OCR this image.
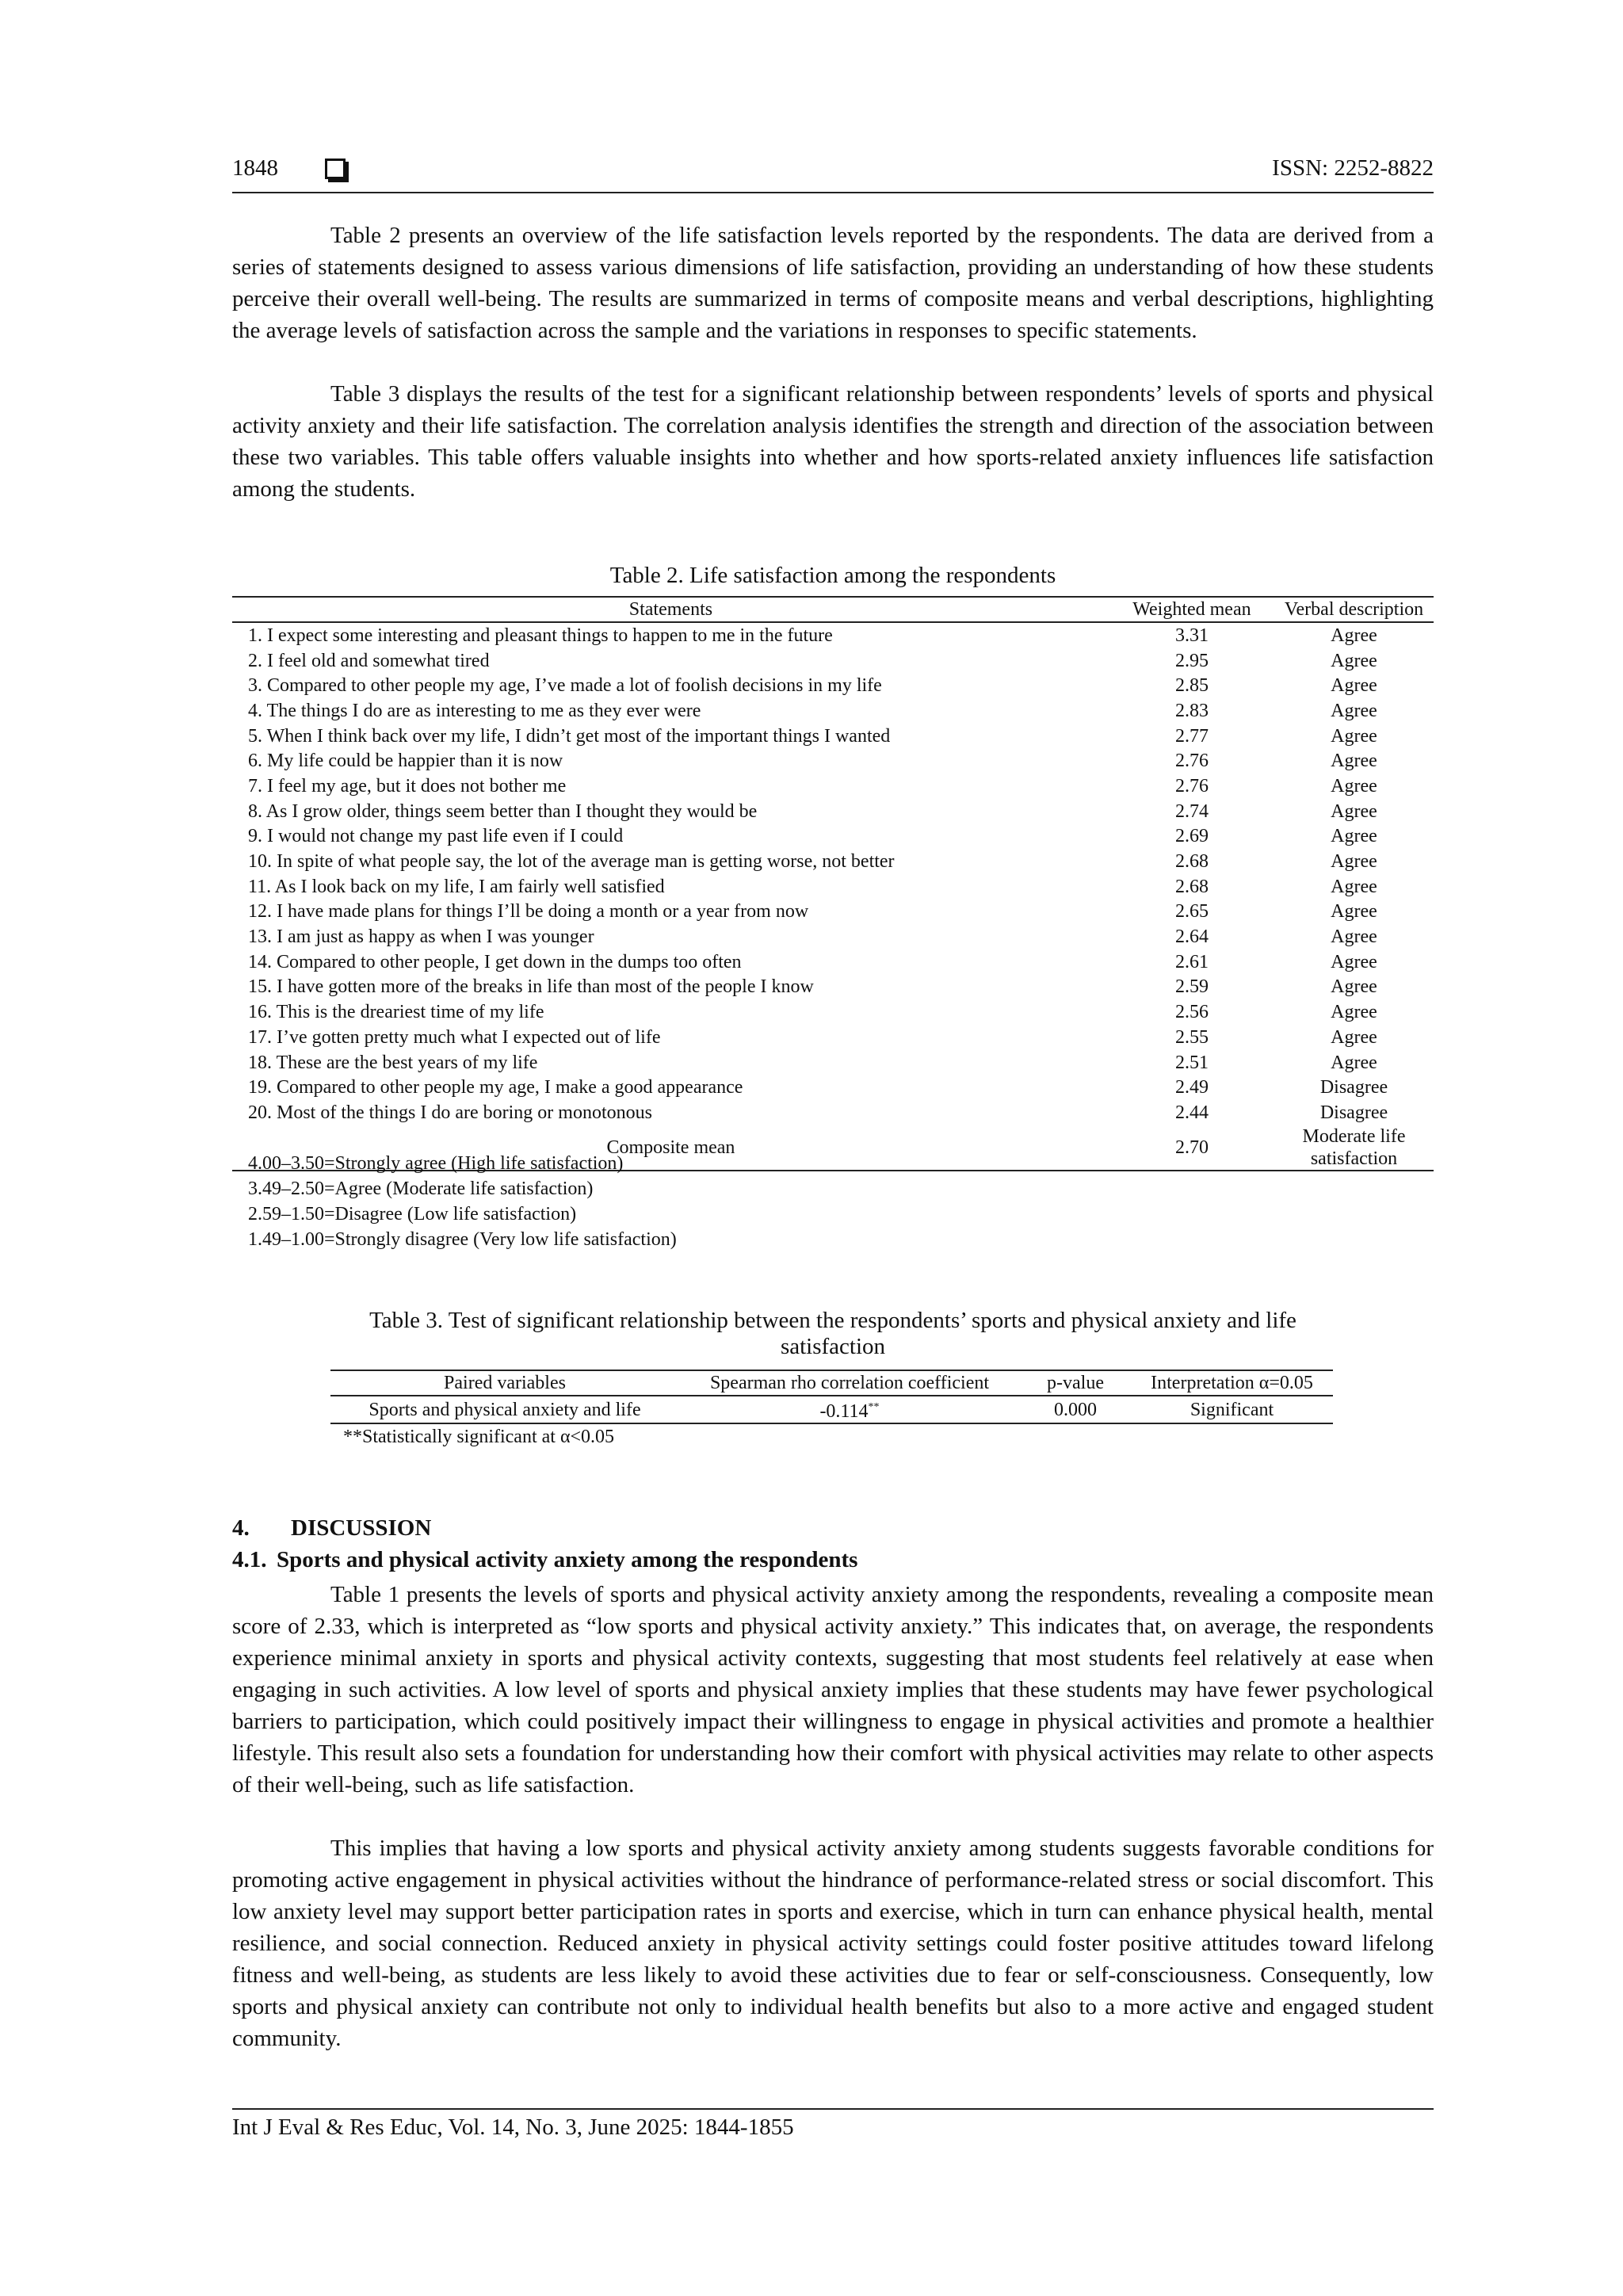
1848	ISSN: 2252-8822

Table 2 presents an overview of the life satisfaction levels reported by the respondents. The data are derived from a series of statements designed to assess various dimensions of life satisfaction, providing an understanding of how these students perceive their overall well-being. The results are summarized in terms of composite means and verbal descriptions, highlighting the average levels of satisfaction across the sample and the variations in responses to specific statements.

Table 3 displays the results of the test for a significant relationship between respondents’ levels of sports and physical activity anxiety and their life satisfaction. The correlation analysis identifies the strength and direction of the association between these two variables. This table offers valuable insights into whether and how sports-related anxiety influences life satisfaction among the students.

Table 2. Life satisfaction among the respondents
Statements	Weighted mean	Verbal description
1. I expect some interesting and pleasant things to happen to me in the future	3.31	Agree
2. I feel old and somewhat tired	2.95	Agree
3. Compared to other people my age, I’ve made a lot of foolish decisions in my life	2.85	Agree
4. The things I do are as interesting to me as they ever were	2.83	Agree
5. When I think back over my life, I didn’t get most of the important things I wanted	2.77	Agree
6. My life could be happier than it is now	2.76	Agree
7. I feel my age, but it does not bother me	2.76	Agree
8. As I grow older, things seem better than I thought they would be	2.74	Agree
9. I would not change my past life even if I could	2.69	Agree
10. In spite of what people say, the lot of the average man is getting worse, not better	2.68	Agree
11. As I look back on my life, I am fairly well satisfied	2.68	Agree
12. I have made plans for things I’ll be doing a month or a year from now	2.65	Agree
13. I am just as happy as when I was younger	2.64	Agree
14. Compared to other people, I get down in the dumps too often	2.61	Agree
15. I have gotten more of the breaks in life than most of the people I know	2.59	Agree
16. This is the dreariest time of my life	2.56	Agree
17. I’ve gotten pretty much what I expected out of life	2.55	Agree
18. These are the best years of my life	2.51	Agree
19. Compared to other people my age, I make a good appearance	2.49	Disagree
20. Most of the things I do are boring or monotonous	2.44	Disagree
Composite mean	2.70	Moderate life satisfaction
4.00–3.50=Strongly agree (High life satisfaction)
3.49–2.50=Agree (Moderate life satisfaction)
2.59–1.50=Disagree (Low life satisfaction)
1.49–1.00=Strongly disagree (Very low life satisfaction)
Table 3. Test of significant relationship between the respondents’ sports and physical anxiety and life
satisfaction
Paired variables	Spearman rho correlation coefficient	p-value	Interpretation α=0.05
Sports and physical anxiety and life	-0.114**	0.000	Significant
**Statistically significant at α<0.05
4. DISCUSSION
4.1. Sports and physical activity anxiety among the respondents

Table 1 presents the levels of sports and physical activity anxiety among the respondents, revealing a composite mean score of 2.33, which is interpreted as “low sports and physical activity anxiety.” This indicates that, on average, the respondents experience minimal anxiety in sports and physical activity contexts, suggesting that most students feel relatively at ease when engaging in such activities. A low level of sports and physical anxiety implies that these students may have fewer psychological barriers to participation, which could positively impact their willingness to engage in physical activities and promote a healthier lifestyle. This result also sets a foundation for understanding how their comfort with physical activities may relate to other aspects of their well-being, such as life satisfaction.

This implies that having a low sports and physical activity anxiety among students suggests favorable conditions for promoting active engagement in physical activities without the hindrance of performance-related stress or social discomfort. This low anxiety level may support better participation rates in sports and exercise, which in turn can enhance physical health, mental resilience, and social connection. Reduced anxiety in physical activity settings could foster positive attitudes toward lifelong fitness and well-being, as students are less likely to avoid these activities due to fear or self-consciousness. Consequently, low sports and physical anxiety can contribute not only to individual health benefits but also to a more active and engaged student community.

Int J Eval & Res Educ, Vol. 14, No. 3, June 2025: 1844-1855
